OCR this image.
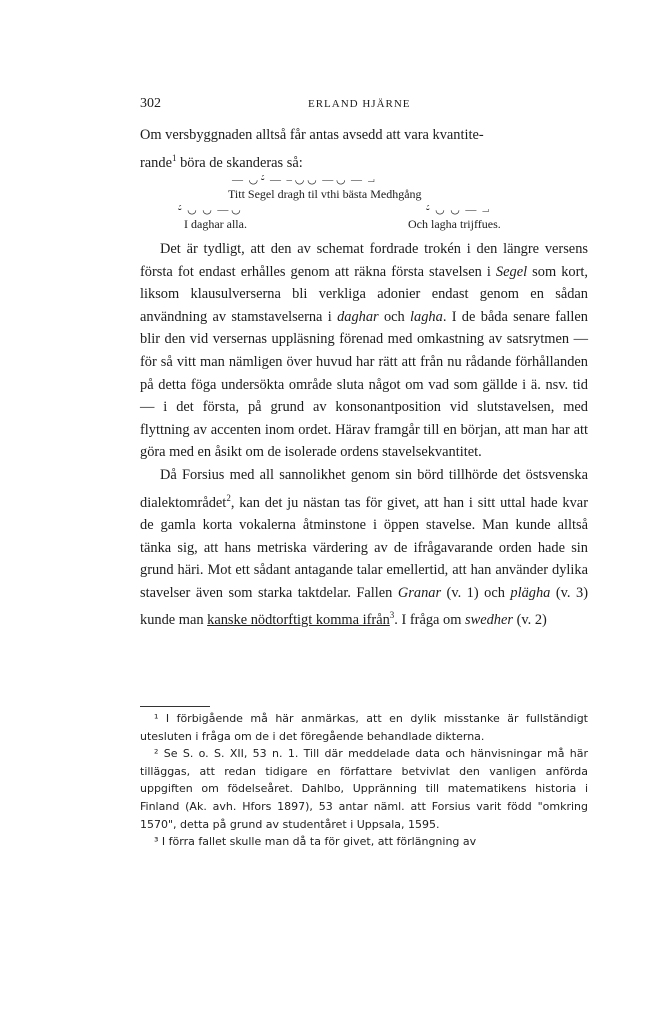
302	ERLAND HJÄRNE

Om versbyggnaden alltså får antas avsedd att vara kvantite-

rande$^1$ böra de skanderas så:

—  ◡ ⏑́  —  ‒ ◡ ◡  — ◡  —  ⏗
Titt Segel dragh til vthi bästa Medhgång
⏑́  ◡  ◡  — ◡	⏑́  ◡  ◡  —  ⏗
I daghar alla.	Och lagha trijffues.

Det är tydligt, att den av schemat fordrade trokén i den längre versens första fot endast erhålles genom att räkna första stavelsen i Segel som kort, liksom klausulverserna bli verkliga adonier endast genom en sådan användning av stamstavelserna i daghar och lagha. I de båda senare fallen blir den vid versernas uppläsning förenad med omkastning av satsrytmen — för så vitt man nämligen över huvud har rätt att från nu rådande förhållanden på detta föga undersökta område sluta något om vad som gällde i ä. nsv. tid — i det första, på grund av konsonantposition vid slutstavelsen, med flyttning av accenten inom ordet. Härav framgår till en början, att man har att göra med en åsikt om de isolerade ordens stavelsekvantitet.

Då Forsius med all sannolikhet genom sin börd tillhörde det östsvenska dialektområdet$^2$, kan det ju nästan tas för givet, att han i sitt uttal hade kvar de gamla korta vokalerna åtminstone i öppen stavelse. Man kunde alltså tänka sig, att hans metriska värdering av de ifrågavarande orden hade sin grund häri. Mot ett sådant antagande talar emellertid, att han använder dylika stavelser även som starka taktdelar. Fallen Granar (v. 1) och plägha (v. 3) kunde man kanske nödtorftigt komma ifrån$^3$. I fråga om swedher (v. 2)

¹ I förbigående må här anmärkas, att en dylik misstanke är fullständigt utesluten i fråga om de i det föregående behandlade dikterna.

² Se S. o. S. XII, 53 n. 1. Till där meddelade data och hänvisningar må här tilläggas, att redan tidigare en författare betvivlat den vanligen anförda uppgiften om födelseåret. Dahlbo, Uppränning till matematikens historia i Finland (Ak. avh. Hfors 1897), 53 antar näml. att Forsius varit född "omkring 1570", detta på grund av studentåret i Uppsala, 1595.

³ I förra fallet skulle man då ta för givet, att förlängning av
